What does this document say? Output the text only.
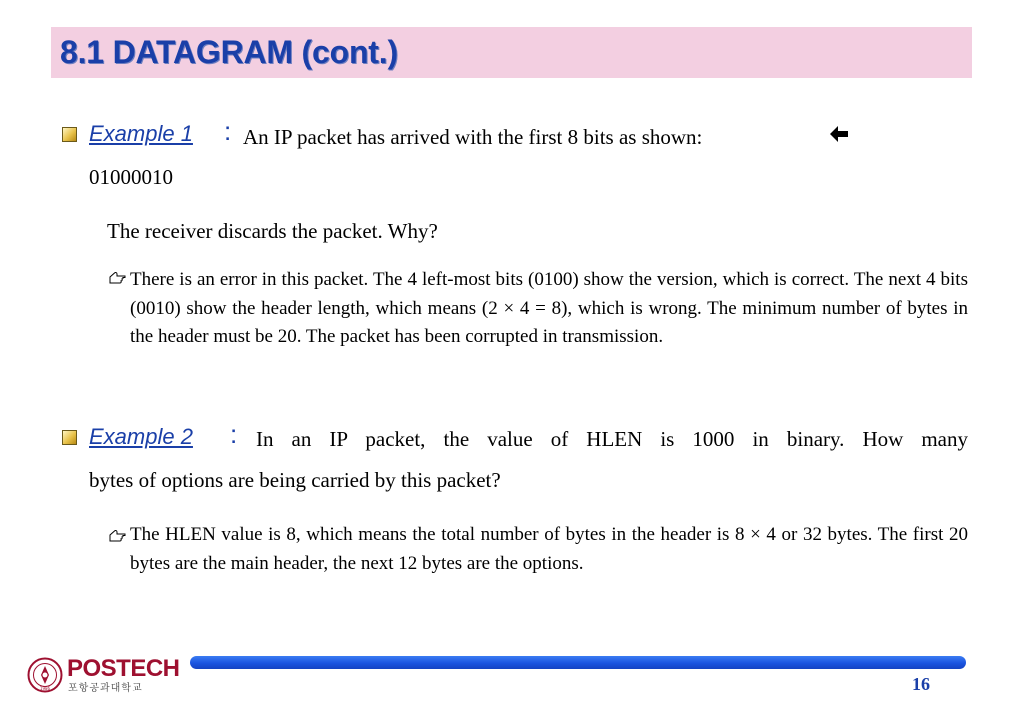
8.1 DATAGRAM (cont.)
Example 1 : An IP packet has arrived with the first 8 bits as shown:
01000010
The receiver discards the packet. Why?
There is an error in this packet. The 4 left-most bits (0100) show the version, which is correct. The next 4 bits (0010) show the header length, which means (2 × 4 = 8), which is wrong. The minimum number of bytes in the header must be 20. The packet has been corrupted in transmission.
Example 2 : In an IP packet, the value of HLEN is 1000 in binary. How many
bytes of options are being carried by this packet?
The HLEN value is 8, which means the total number of bytes in the header is 8 × 4 or 32 bytes. The first 20 bytes are the main header, the next 12 bytes are the options.
1986
POSTECH
포항공과대학교	16
